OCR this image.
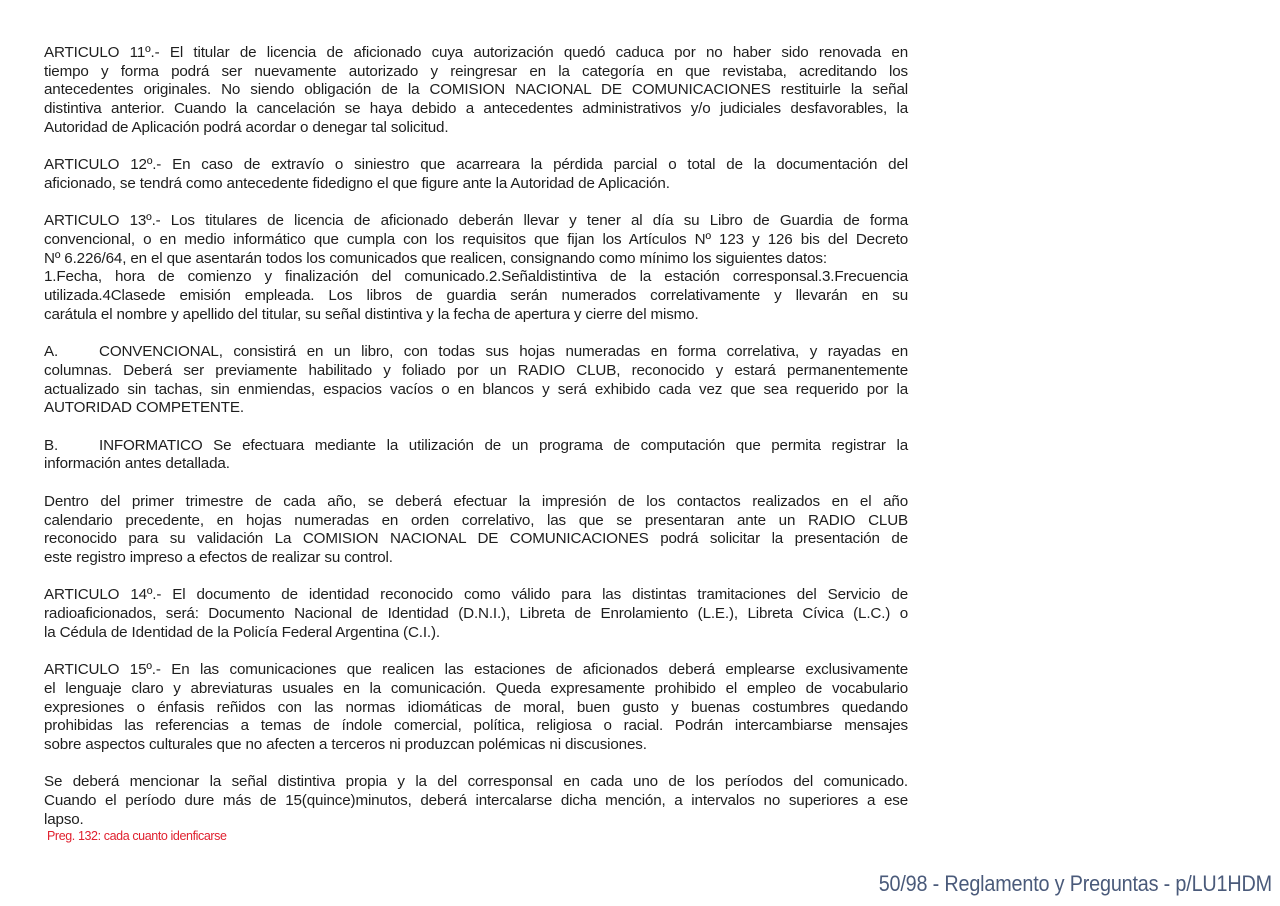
ARTICULO 11º.- El titular de licencia de aficionado cuya autorización quedó caduca por no haber sido renovada en
tiempo y forma podrá ser nuevamente autorizado y reingresar en la categoría en que revistaba, acreditando los
antecedentes originales. No siendo obligación de la COMISION NACIONAL DE COMUNICACIONES restituirle la señal
distintiva anterior. Cuando la cancelación se haya debido a antecedentes administrativos y/o judiciales desfavorables, la
Autoridad de Aplicación podrá acordar o denegar tal solicitud.

ARTICULO 12º.- En caso de extravío o siniestro que acarreara la pérdida parcial o total de la documentación del
aficionado, se tendrá como antecedente fidedigno el que figure ante la Autoridad de Aplicación.

ARTICULO 13º.- Los titulares de licencia de aficionado deberán llevar y tener al día su Libro de Guardia de forma
convencional, o en medio informático que cumpla con los requisitos que fijan los Artículos Nº 123 y 126 bis del Decreto
Nº 6.226/64, en el que asentarán todos los comunicados que realicen, consignando como mínimo los siguientes datos:
1.Fecha, hora de comienzo y finalización del comunicado.2.Señaldistintiva de la estación corresponsal.3.Frecuencia
utilizada.4Clasede emisión empleada. Los libros de guardia serán numerados correlativamente y llevarán en su
carátula el nombre y apellido del titular, su señal distintiva y la fecha de apertura y cierre del mismo.

A.	CONVENCIONAL, consistirá en un libro, con todas sus hojas numeradas en forma correlativa, y rayadas en
columnas. Deberá ser previamente habilitado y foliado por un RADIO CLUB, reconocido y estará permanentemente
actualizado sin tachas, sin enmiendas, espacios vacíos o en blancos y será exhibido cada vez que sea requerido por la
AUTORIDAD COMPETENTE.

B.	INFORMATICO Se efectuara mediante la utilización de un programa de computación que permita registrar la
información antes detallada.

Dentro del primer trimestre de cada año, se deberá efectuar la impresión de los contactos realizados en el año
calendario precedente, en hojas numeradas en orden correlativo, las que se presentaran ante un RADIO CLUB
reconocido para su validación La COMISION NACIONAL DE COMUNICACIONES podrá solicitar la presentación de
este registro impreso a efectos de realizar su control.

ARTICULO 14º.- El documento de identidad reconocido como válido para las distintas tramitaciones del Servicio de
radioaficionados, será: Documento Nacional de Identidad (D.N.I.), Libreta de Enrolamiento (L.E.), Libreta Cívica (L.C.) o
la Cédula de Identidad de la Policía Federal Argentina (C.I.).

ARTICULO 15º.- En las comunicaciones que realicen las estaciones de aficionados deberá emplearse exclusivamente
el lenguaje claro y abreviaturas usuales en la comunicación. Queda expresamente prohibido el empleo de vocabulario
expresiones o énfasis reñidos con las normas idiomáticas de moral, buen gusto y buenas costumbres quedando
prohibidas las referencias a temas de índole comercial, política, religiosa o racial. Podrán intercambiarse mensajes
sobre aspectos culturales que no afecten a terceros ni produzcan polémicas ni discusiones.

Se deberá mencionar la señal distintiva propia y la del corresponsal en cada uno de los períodos del comunicado.
Cuando el período dure más de 15(quince)minutos, deberá intercalarse dicha mención, a intervalos no superiores a ese
lapso.

Preg. 132: cada cuanto idenficarse
50/98 - Reglamento y Preguntas - p/LU1HDM
